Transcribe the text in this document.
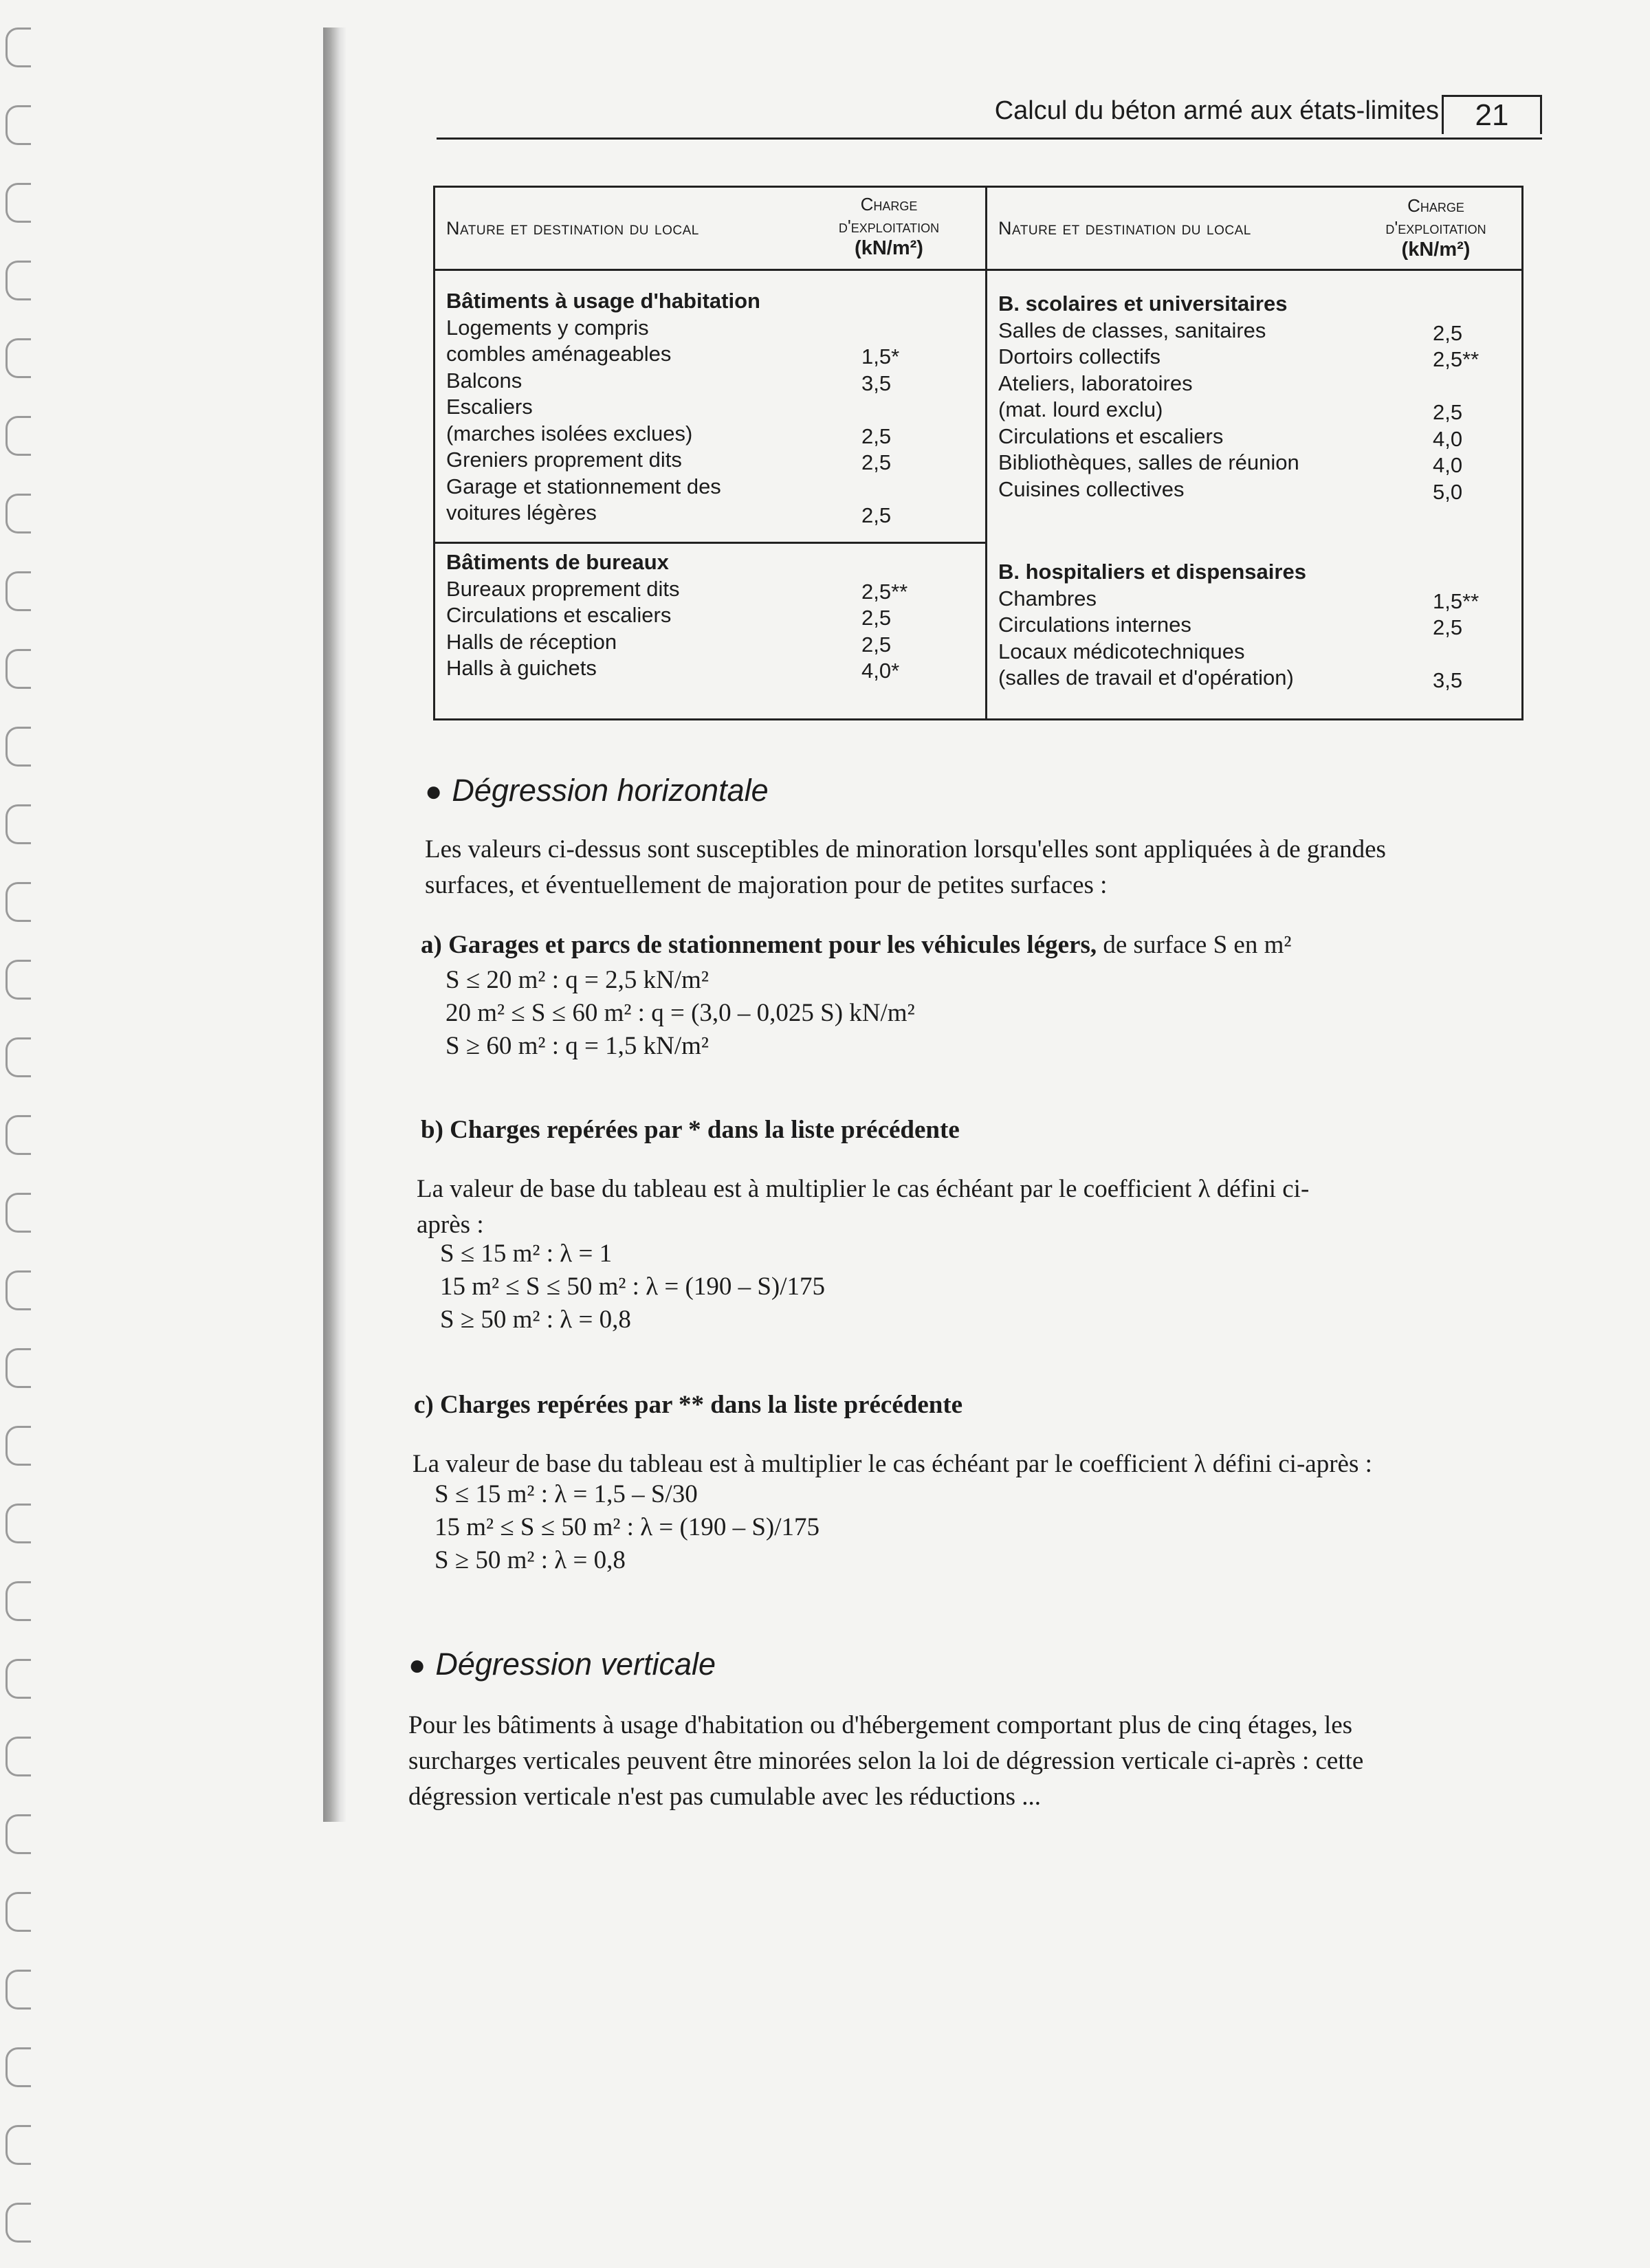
Calcul du béton armé aux états-limites	21
Nature et destination du local
Charge
d'exploitation
(kN/m²)
Bâtiments à usage d'habitation
Logements y compris
combles aménageables	1,5*
Balcons	3,5
Escaliers
(marches isolées exclues)	2,5
Greniers proprement dits	2,5
Garage et stationnement des
voitures légères	2,5
Bâtiments de bureaux
Bureaux proprement dits	2,5**
Circulations et escaliers	2,5
Halls de réception	2,5
Halls à guichets	4,0*
Nature et destination du local
Charge
d'exploitation
(kN/m²)
B. scolaires et universitaires
Salles de classes, sanitaires	2,5
Dortoirs collectifs	2,5**
Ateliers, laboratoires
(mat. lourd exclu)	2,5
Circulations et escaliers	4,0
Bibliothèques, salles de réunion	4,0
Cuisines collectives	5,0
B. hospitaliers et dispensaires
Chambres	1,5**
Circulations internes	2,5
Locaux médicotechniques
(salles de travail et d'opération)	3,5
● Dégression horizontale
Les valeurs ci-dessus sont susceptibles de minoration lorsqu'elles sont appliquées à de grandes
surfaces, et éventuellement de majoration pour de petites surfaces :
a) Garages et parcs de stationnement pour les véhicules légers, de surface S en m²
S ≤ 20 m² : q = 2,5 kN/m²
20 m² ≤ S ≤ 60 m² : q = (3,0 – 0,025 S) kN/m²
S ≥ 60 m² : q = 1,5 kN/m²
b) Charges repérées par * dans la liste précédente
La valeur de base du tableau est à multiplier le cas échéant par le coefficient λ défini ci-
après :
S ≤ 15 m² : λ = 1
15 m² ≤ S ≤ 50 m² : λ = (190 – S)/175
S ≥ 50 m² : λ = 0,8
c) Charges repérées par ** dans la liste précédente
La valeur de base du tableau est à multiplier le cas échéant par le coefficient λ défini ci-après :
S ≤ 15 m² : λ = 1,5 – S/30
15 m² ≤ S ≤ 50 m² : λ = (190 – S)/175
S ≥ 50 m² : λ = 0,8
● Dégression verticale
Pour les bâtiments à usage d'habitation ou d'hébergement comportant plus de cinq étages, les
surcharges verticales peuvent être minorées selon la loi de dégression verticale ci-après : cette
dégression verticale n'est pas cumulable avec les réductions ...
